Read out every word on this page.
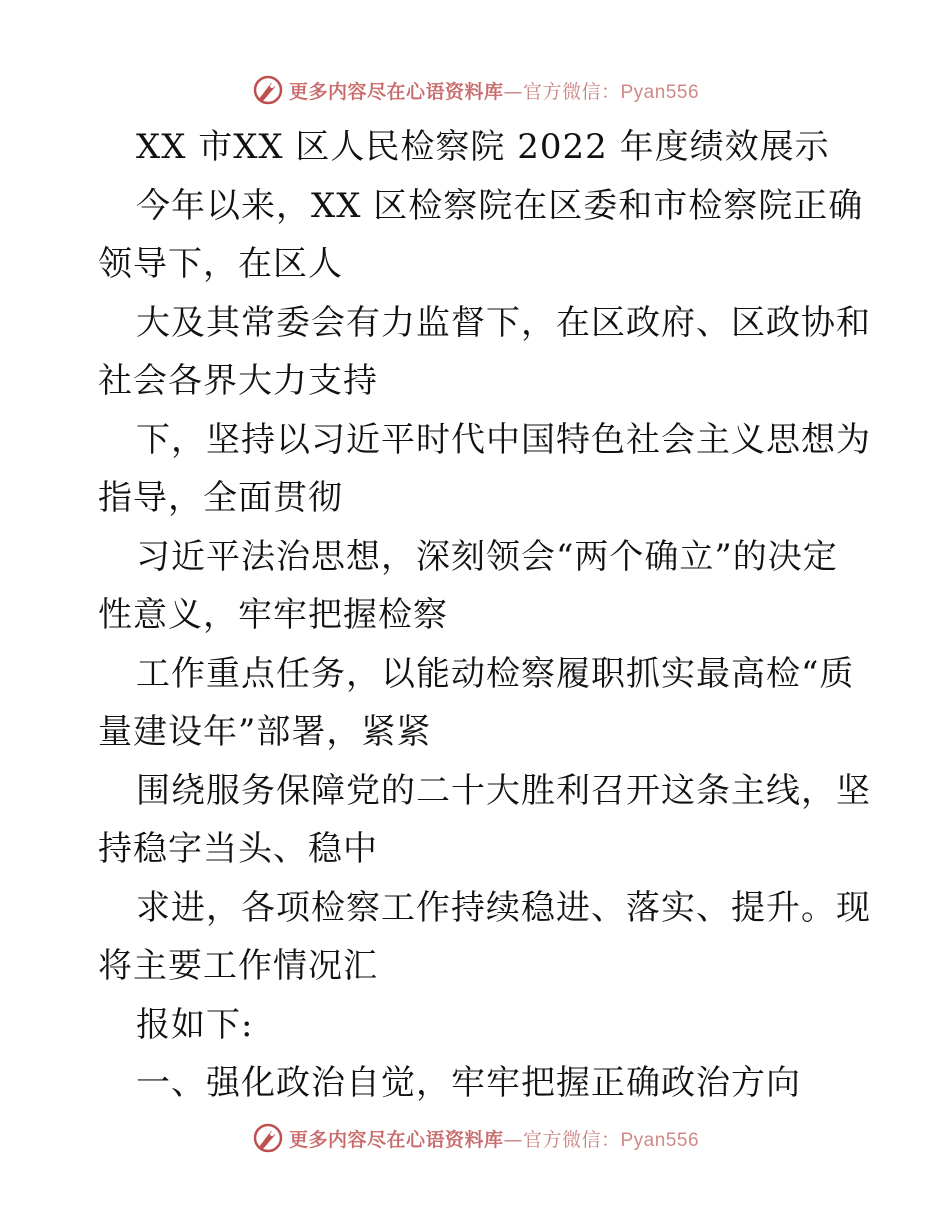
更多内容尽在心语资料库—官方微信：Pyan556
XX 市XX 区人民检察院 2022 年度绩效展示
今年以来，XX 区检察院在区委和市检察院正确
领导下，在区人
大及其常委会有力监督下，在区政府、区政协和
社会各界大力支持
下，坚持以习近平时代中国特色社会主义思想为
指导，全面贯彻
习近平法治思想，深刻领会“两个确立”的决定
性意义，牢牢把握检察
工作重点任务，以能动检察履职抓实最高检“质
量建设年”部署，紧紧
围绕服务保障党的二十大胜利召开这条主线，坚
持稳字当头、稳中
求进，各项检察工作持续稳进、落实、提升。现
将主要工作情况汇
报如下:
一、强化政治自觉，牢牢把握正确政治方向
更多内容尽在心语资料库—官方微信：Pyan556
